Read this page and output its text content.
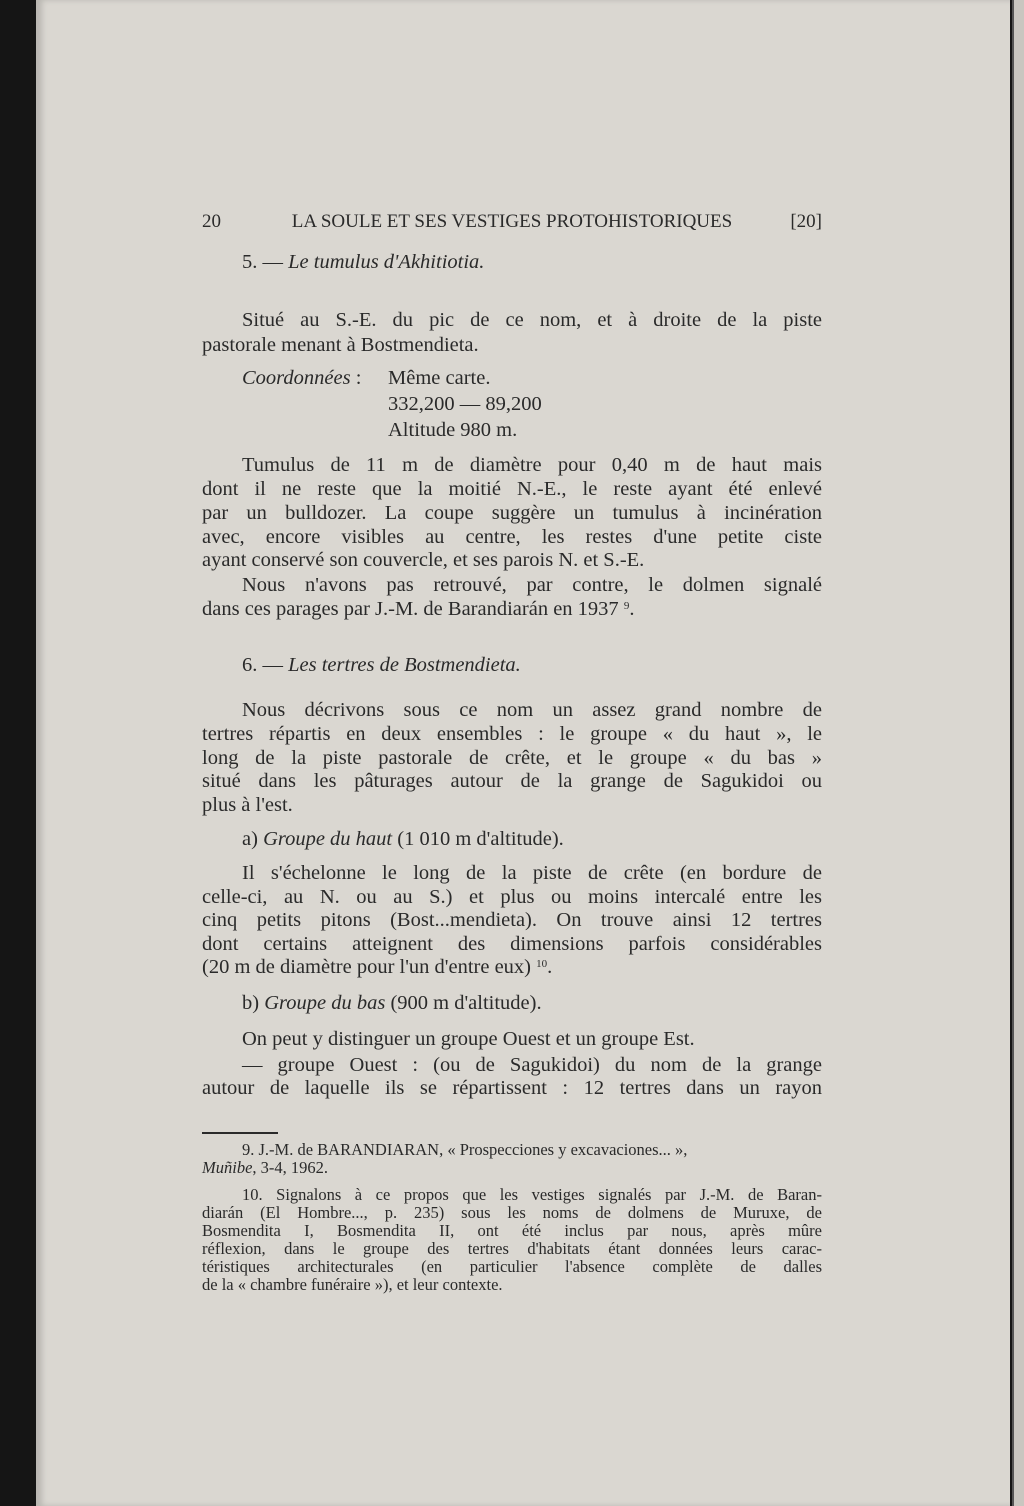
20	LA SOULE ET SES VESTIGES PROTOHISTORIQUES	[20]
5. — Le tumulus d'Akhitiotia.
Situé au S.-E. du pic de ce nom, et à droite de la piste
pastorale menant à Bostmendieta.
Tumulus de 11 m de diamètre pour 0,40 m de haut mais
dont il ne reste que la moitié N.-E., le reste ayant été enlevé
par un bulldozer. La coupe suggère un tumulus à incinération
avec, encore visibles au centre, les restes d'une petite ciste
ayant conservé son couvercle, et ses parois N. et S.-E.
Nous n'avons pas retrouvé, par contre, le dolmen signalé
Nous décrivons sous ce nom un assez grand nombre de
tertres répartis en deux ensembles : le groupe « du haut », le
long de la piste pastorale de crête, et le groupe « du bas »
situé dans les pâturages autour de la grange de Sagukidoi ou
plus à l'est.
Il s'échelonne le long de la piste de crête (en bordure de
celle-ci, au N. ou au S.) et plus ou moins intercalé entre les
cinq petits pitons (Bost...mendieta). On trouve ainsi 12 tertres
dont certains atteignent des dimensions parfois considérables
On peut y distinguer un groupe Ouest et un groupe Est.
— groupe Ouest : (ou de Sagukidoi) du nom de la grange
autour de laquelle ils se répartissent : 12 tertres dans un rayon
10. Signalons à ce propos que les vestiges signalés par J.-M. de Baran-
diarán (El Hombre..., p. 235) sous les noms de dolmens de Muruxe, de
Bosmendita I, Bosmendita II, ont été inclus par nous, après mûre
réflexion, dans le groupe des tertres d'habitats étant données leurs carac-
téristiques architecturales (en particulier l'absence complète de dalles
de la « chambre funéraire »), et leur contexte.
Coordonnées :	Même carte.
332,200 — 89,200
Altitude 980 m.
dans ces parages par J.-M. de Barandiarán en 1937 $^9$.
6. — Les tertres de Bostmendieta.
a) Groupe du haut (1 010 m d'altitude).
(20 m de diamètre pour l'un d'entre eux) $^{10}$.
b) Groupe du bas (900 m d'altitude).
9. J.-M. de BARANDIARAN, « Prospecciones y excavaciones... »,
Muñibe, 3-4, 1962.
